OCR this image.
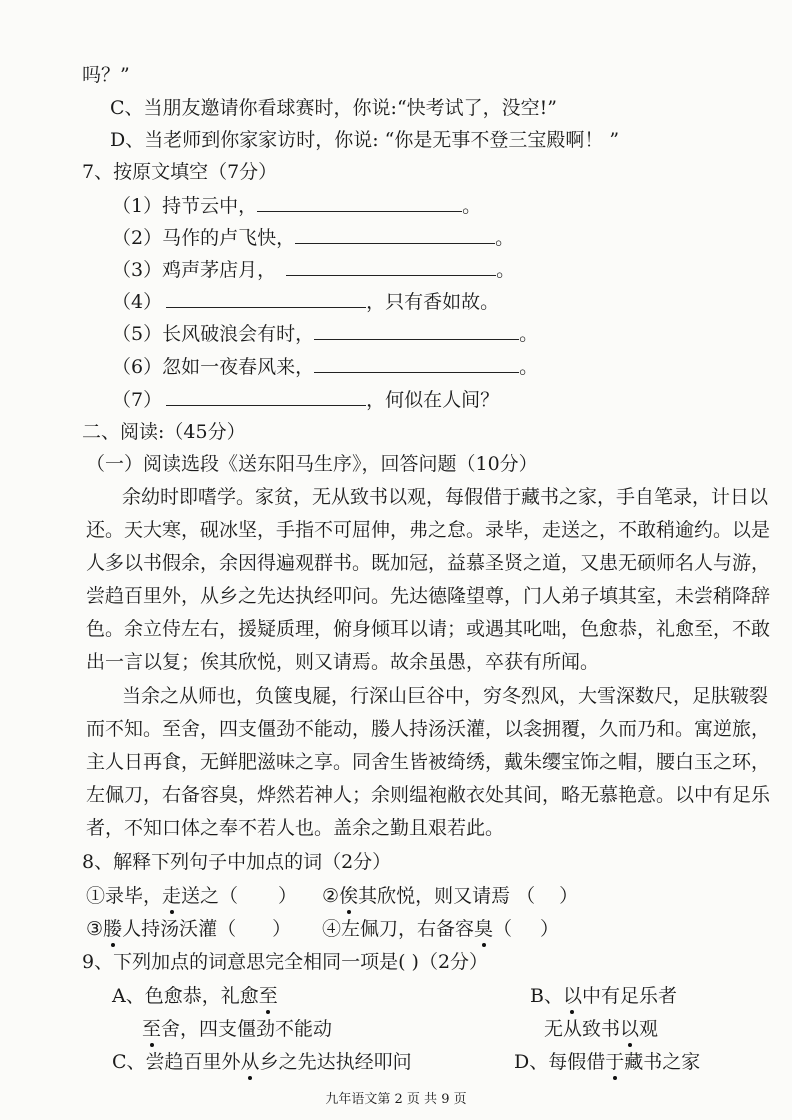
吗？”
C、当朋友邀请你看球赛时，你说:“快考试了，没空!”
D、当老师到你家家访时，你说: “你是无事不登三宝殿啊！ ”
7、按原文填空（7分）
（1）持节云中，	。
（2）马作的卢飞快，	。
（3）鸡声茅店月，	。
（4）	，只有香如故。
（5）长风破浪会有时，	。
（6）忽如一夜春风来，	。
（7）	，何似在人间？
二、阅读:（45分）
（一）阅读选段《送东阳马生序》，回答问题（10分）
余幼时即嗜学。家贫，无从致书以观，每假借于藏书之家，手自笔录，计日以
还。天大寒，砚冰坚，手指不可屈伸，弗之怠。录毕，走送之，不敢稍逾约。以是
人多以书假余，余因得遍观群书。既加冠，益慕圣贤之道，又患无硕师名人与游，
尝趋百里外，从乡之先达执经叩问。先达德隆望尊，门人弟子填其室，未尝稍降辞
色。余立侍左右，援疑质理，俯身倾耳以请；或遇其叱咄，色愈恭，礼愈至，不敢
出一言以复；俟其欣悦，则又请焉。故余虽愚，卒获有所闻。
当余之从师也，负箧曳屣，行深山巨谷中，穷冬烈风，大雪深数尺，足肤皲裂
而不知。至舍，四支僵劲不能动，媵人持汤沃灌，以衾拥覆，久而乃和。寓逆旅，
主人日再食，无鲜肥滋味之享。同舍生皆被绮绣，戴朱缨宝饰之帽，腰白玉之环，
左佩刀，右备容臭，烨然若神人；余则缊袍敝衣处其间，略无慕艳意。以中有足乐
者，不知口体之奉不若人也。盖余之勤且艰若此。
8、解释下列句子中加点的词（2分）
①录毕，走送之（ ） ②俟其欣悦，则又请焉 （ ）
③媵人持汤沃灌（ ） ④左佩刀，右备容臭（ ）
9、下列加点的词意思完全相同一项是( )（2分）
A、色愈恭，礼愈至	B、以中有足乐者
至舍，四支僵劲不能动	无从致书以观
C、尝趋百里外从乡之先达执经叩问	D、每假借于藏书之家
九年语文第 2 页 共 9 页
